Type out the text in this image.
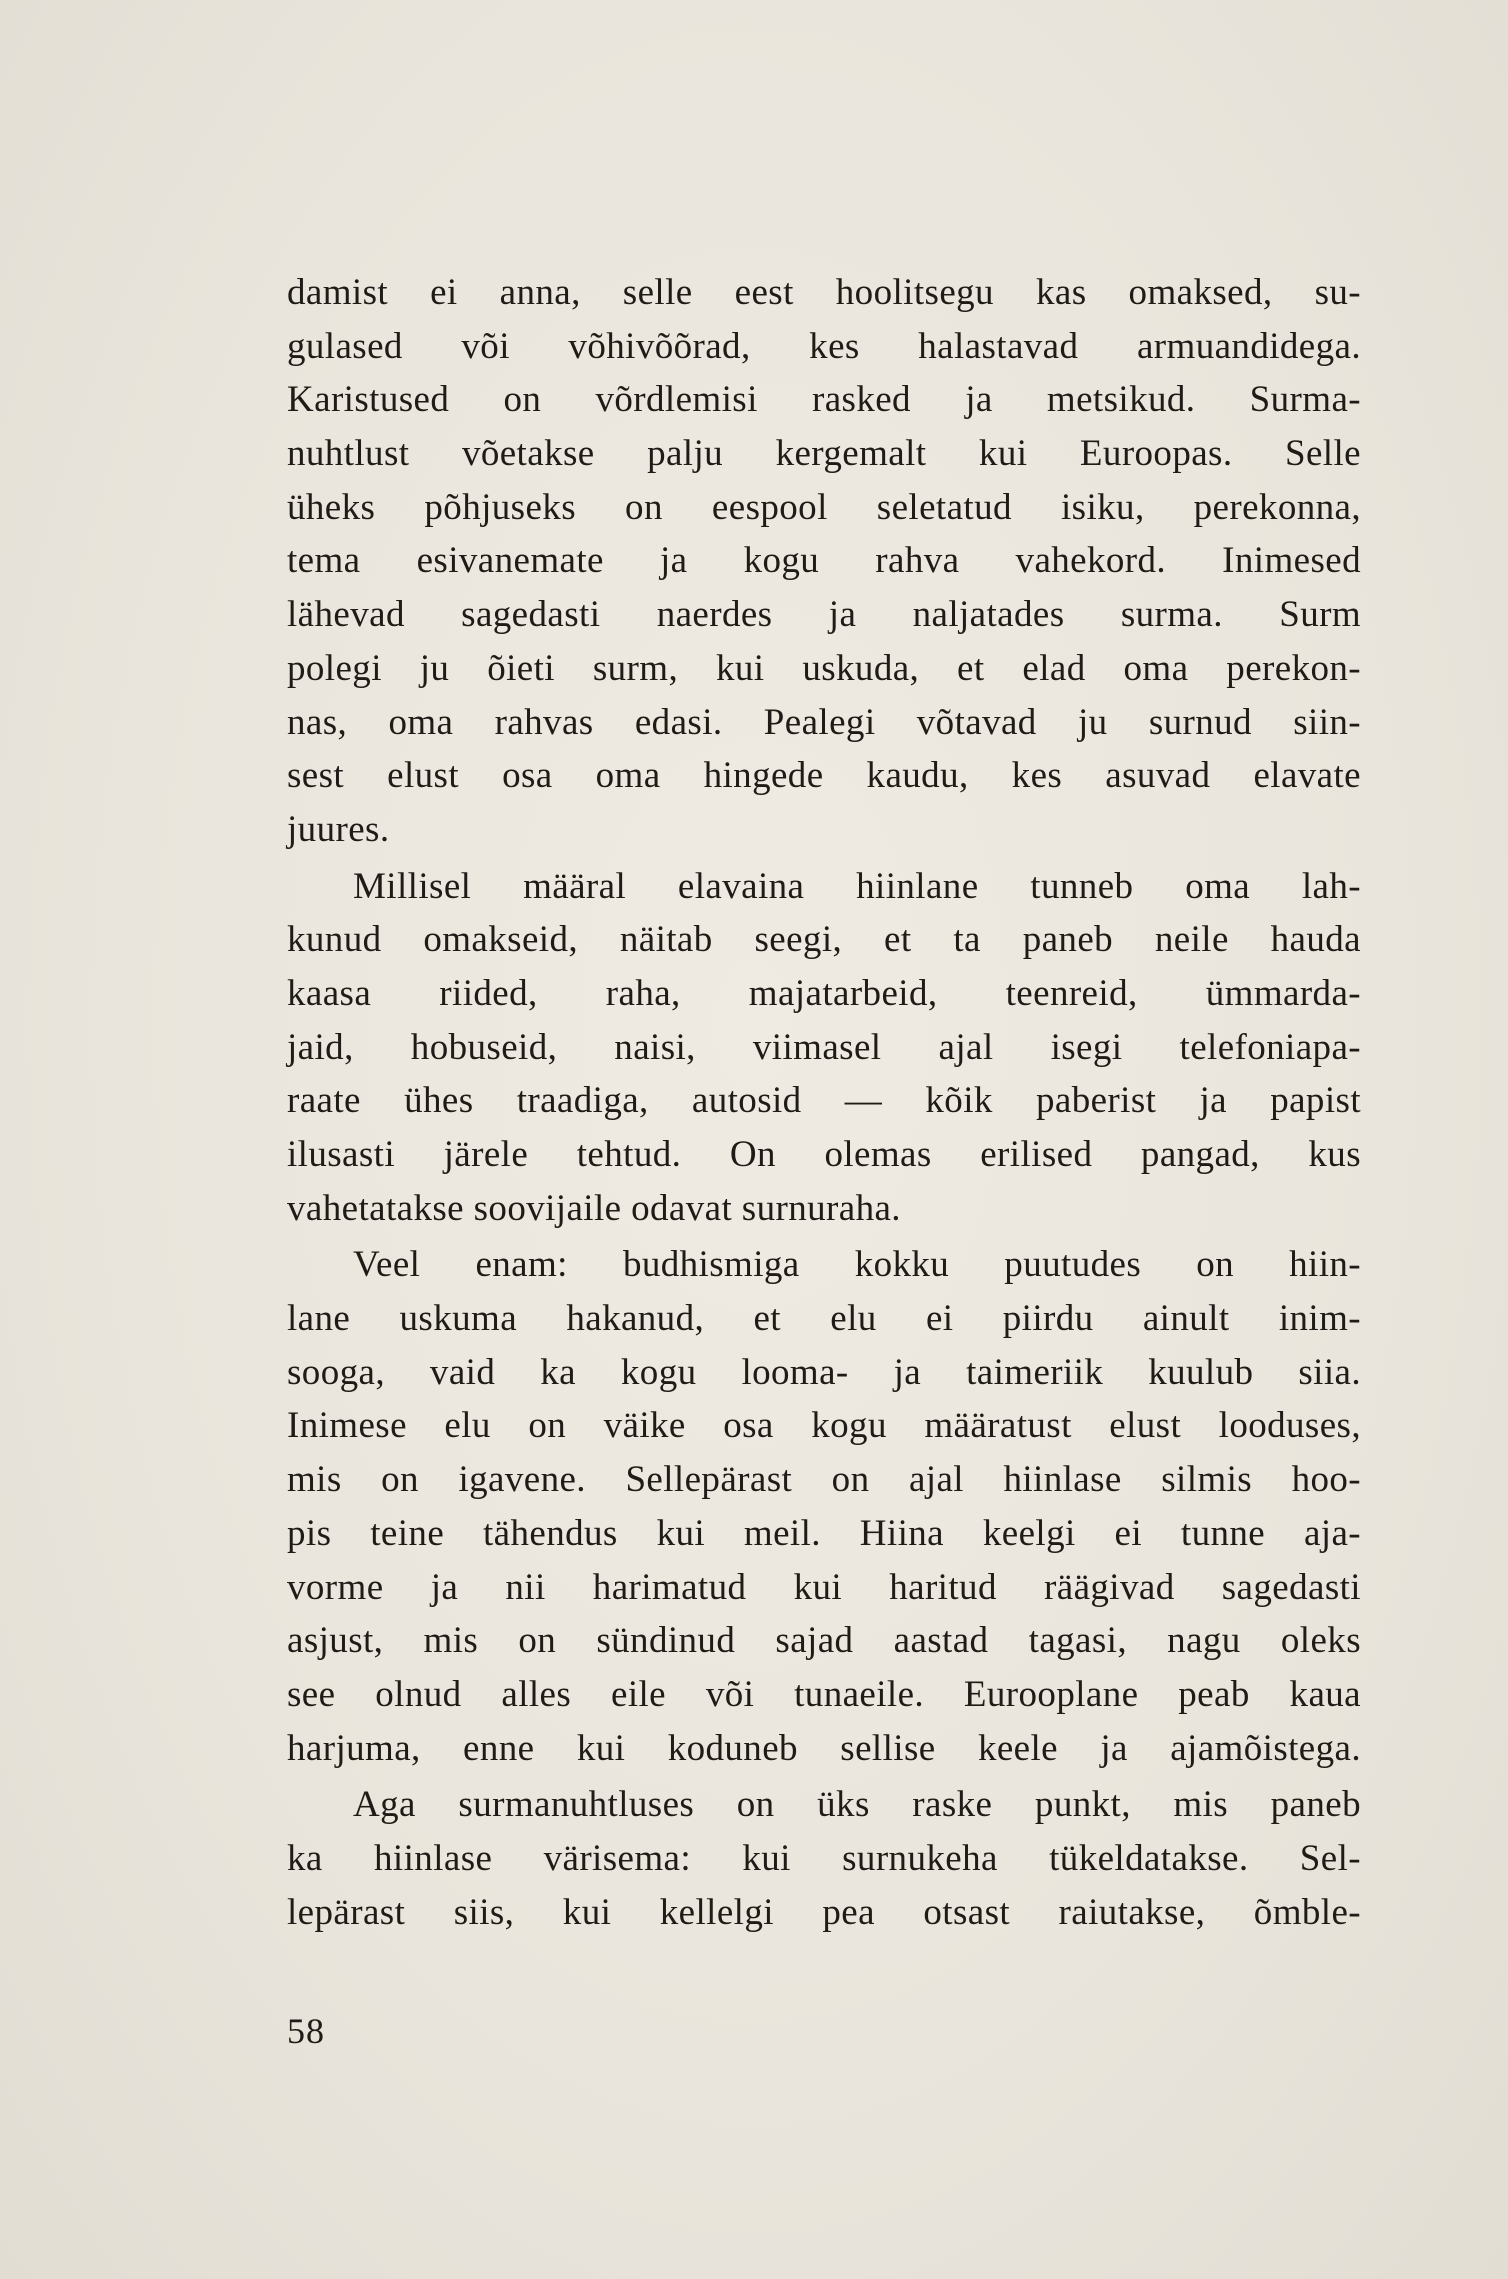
damist ei anna, selle eest hoolitsegu kas omaksed, su-
gulased või võhivõõrad, kes halastavad armuandidega.
Karistused on võrdlemisi rasked ja metsikud. Surma-
nuhtlust võetakse palju kergemalt kui Euroopas. Selle
üheks põhjuseks on eespool seletatud isiku, perekonna,
tema esivanemate ja kogu rahva vahekord. Inimesed
lähevad sagedasti naerdes ja naljatades surma. Surm
polegi ju õieti surm, kui uskuda, et elad oma perekon-
nas, oma rahvas edasi. Pealegi võtavad ju surnud siin-
sest elust osa oma hingede kaudu, kes asuvad elavate
juures.
Millisel määral elavaina hiinlane tunneb oma lah-
kunud omakseid, näitab seegi, et ta paneb neile hauda
kaasa riided, raha, majatarbeid, teenreid, ümmarda-
jaid, hobuseid, naisi, viimasel ajal isegi telefoniapa-
raate ühes traadiga, autosid — kõik paberist ja papist
ilusasti järele tehtud. On olemas erilised pangad, kus
vahetatakse soovijaile odavat surnuraha.
Veel enam: budhismiga kokku puutudes on hiin-
lane uskuma hakanud, et elu ei piirdu ainult inim-
sooga, vaid ka kogu looma- ja taimeriik kuulub siia.
Inimese elu on väike osa kogu määratust elust looduses,
mis on igavene. Sellepärast on ajal hiinlase silmis hoo-
pis teine tähendus kui meil. Hiina keelgi ei tunne aja-
vorme ja nii harimatud kui haritud räägivad sagedasti
asjust, mis on sündinud sajad aastad tagasi, nagu oleks
see olnud alles eile või tunaeile. Eurooplane peab kaua
harjuma, enne kui koduneb sellise keele ja ajamõistega.
Aga surmanuhtluses on üks raske punkt, mis paneb
ka hiinlase värisema: kui surnukeha tükeldatakse. Sel-
lepärast siis, kui kellelgi pea otsast raiutakse, õmble-
58
